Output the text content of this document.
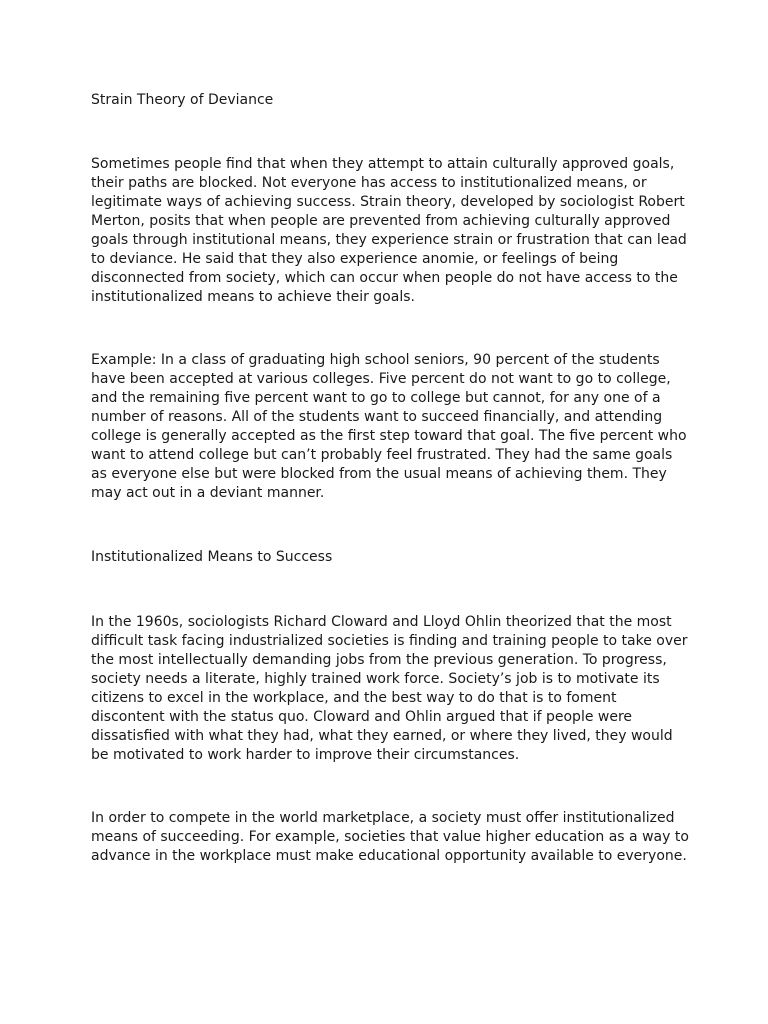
Strain Theory of Deviance

Sometimes people find that when they attempt to attain culturally approved goals, their paths are blocked. Not everyone has access to institutionalized means, or legitimate ways of achieving success. Strain theory, developed by sociologist Robert Merton, posits that when people are prevented from achieving culturally approved goals through institutional means, they experience strain or frustration that can lead to deviance. He said that they also experience anomie, or feelings of being disconnected from society, which can occur when people do not have access to the institutionalized means to achieve their goals.

Example: In a class of graduating high school seniors, 90 percent of the students have been accepted at various colleges. Five percent do not want to go to college, and the remaining five percent want to go to college but cannot, for any one of a number of reasons. All of the students want to succeed financially, and attending college is generally accepted as the first step toward that goal. The five percent who want to attend college but can’t probably feel frustrated. They had the same goals as everyone else but were blocked from the usual means of achieving them. They may act out in a deviant manner.

Institutionalized Means to Success

In the 1960s, sociologists Richard Cloward and Lloyd Ohlin theorized that the most difficult task facing industrialized societies is finding and training people to take over the most intellectually demanding jobs from the previous generation. To progress, society needs a literate, highly trained work force. Society’s job is to motivate its citizens to excel in the workplace, and the best way to do that is to foment discontent with the status quo. Cloward and Ohlin argued that if people were dissatisfied with what they had, what they earned, or where they lived, they would be motivated to work harder to improve their circumstances.

In order to compete in the world marketplace, a society must offer institutionalized means of succeeding. For example, societies that value higher education as a way to advance in the workplace must make educational opportunity available to everyone.
